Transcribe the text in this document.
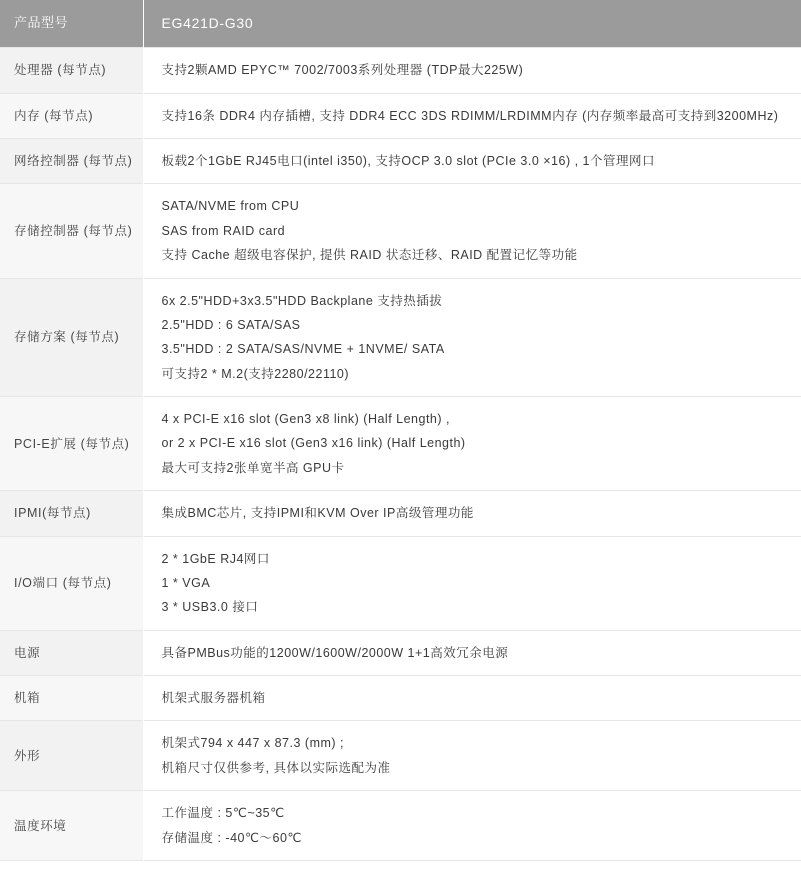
产品型号	EG421D-G30
处理器 (每节点)	支持2颗AMD EPYC™ 7002/7003系列处理器 (TDP最大225W)

内存 (每节点)	支持16条 DDR4 内存插槽, 支持 DDR4 ECC 3DS RDIMM/LRDIMM内存 (内存频率最高可支持到3200MHz)

网络控制器 (每节点)	板载2个1GbE RJ45电口(intel i350), 支持OCP 3.0 slot (PCIe 3.0 ×16) , 1个管理网口

存储控制器 (每节点)	SATA/NVME from CPU
SAS from RAID card
支持 Cache 超级电容保护, 提供 RAID 状态迁移、RAID 配置记忆等功能

存储方案 (每节点)	6x 2.5"HDD+3x3.5"HDD Backplane 支持热插拔
2.5"HDD : 6 SATA/SAS
3.5"HDD : 2 SATA/SAS/NVME + 1NVME/ SATA
可支持2 * M.2(支持2280/22110)

PCI-E扩展 (每节点)	4 x PCI-E x16 slot (Gen3 x8 link) (Half Length) ,
or 2 x PCI-E x16 slot (Gen3 x16 link) (Half Length)
最大可支持2张单宽半高 GPU卡

IPMI(每节点)	集成BMC芯片, 支持IPMI和KVM Over IP高级管理功能

I/O端口 (每节点)	2 * 1GbE RJ4网口
1 * VGA
3 * USB3.0 接口

电源	具备PMBus功能的1200W/1600W/2000W 1+1高效冗余电源

机箱	机架式服务器机箱

外形	机架式794 x 447 x 87.3 (mm) ;
机箱尺寸仅供参考, 具体以实际选配为准

温度环境	工作温度 : 5℃~35℃
存储温度 : -40℃～60℃
